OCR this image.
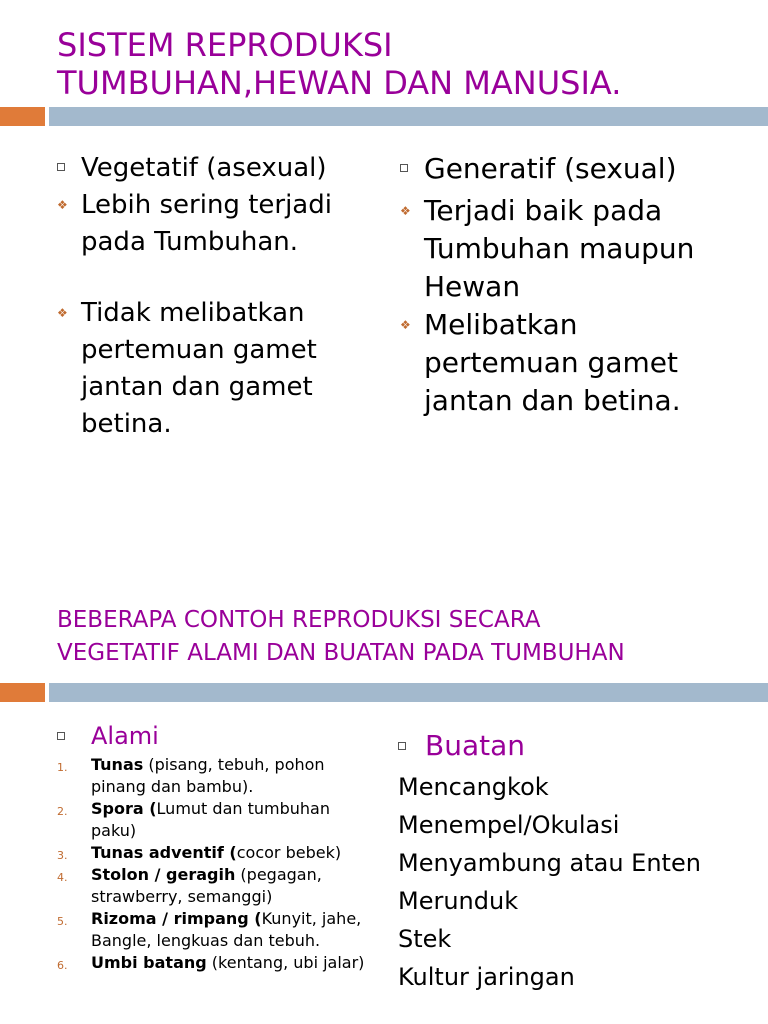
SISTEM REPRODUKSI
TUMBUHAN,HEWAN DAN MANUSIA.
Vegetatif (asexual)
❖ Lebih sering terjadi pada Tumbuhan.
❖ Tidak melibatkan pertemuan gamet jantan dan gamet betina.
Generatif (sexual)
❖ Terjadi baik pada Tumbuhan maupun Hewan
❖ Melibatkan pertemuan gamet jantan dan betina.
BEBERAPA CONTOH REPRODUKSI SECARA
VEGETATIF ALAMI DAN BUATAN PADA TUMBUHAN
Alami
1. Tunas (pisang, tebuh, pohon pinang dan bambu).
2. Spora (Lumut dan tumbuhan paku)
3. Tunas adventif (cocor bebek)
4. Stolon / geragih (pegagan, strawberry, semanggi)
5. Rizoma / rimpang (Kunyit, jahe, Bangle, lengkuas dan tebuh.
6. Umbi batang (kentang, ubi jalar)
Buatan
Mencangkok
Menempel/Okulasi
Menyambung atau Enten
Merunduk
Stek
Kultur jaringan
